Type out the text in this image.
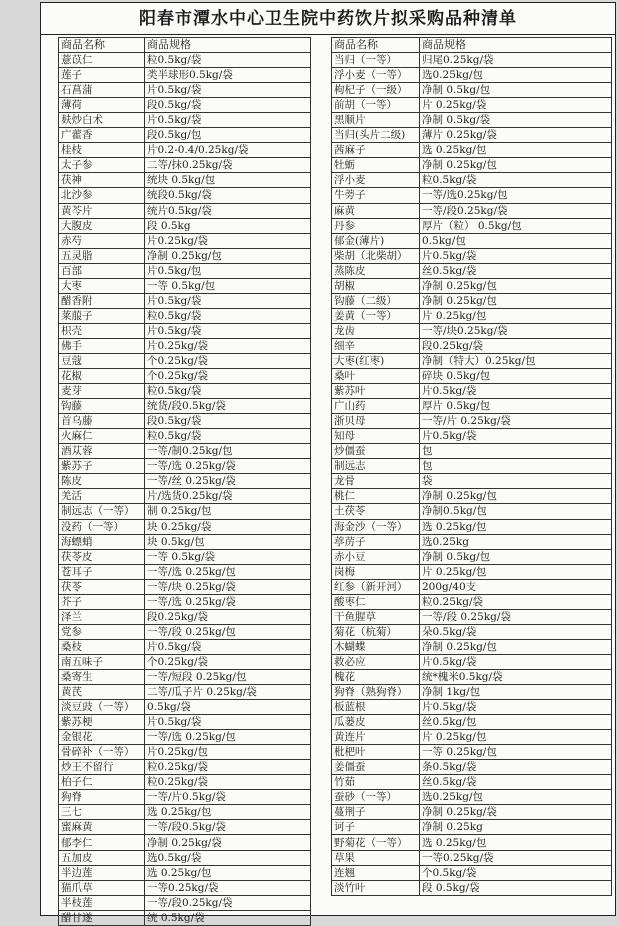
阳春市潭水中心卫生院中药饮片拟采购品种清单
商品名称	商品规格
薏苡仁	粒0.5kg/袋
莲子	类半球形0.5kg/袋
石菖蒲	片0.5kg/袋
薄荷	段0.5kg/袋
麸炒白术	片0.5kg/袋
广藿香	段0.5kg/包
桂枝	片0.2-0.4/0.25kg/袋
太子参	二等/抹0.25kg/袋
茯神	统块 0.5kg/包
北沙参	统段0.5kg/袋
黄芩片	统片0.5kg/袋
大腹皮	段 0.5kg
赤芍	片0.25kg/袋
五灵脂	净制 0.25kg/包
百部	片0.5kg/包
大枣	一等 0.5kg/包
醋香附	片0.5kg/袋
莱菔子	粒0.5kg/袋
枳壳	片0.5kg/袋
佛手	片0.25kg/袋
豆蔻	个0.25kg/袋
花椒	个0.25kg/袋
麦芽	粒0.5kg/袋
钩藤	统货/段0.5kg/袋
首乌藤	段0.5kg/袋
火麻仁	粒0.5kg/袋
酒苁蓉	一等/制0.25kg/包
紫苏子	一等/选 0.25kg/袋
陈皮	一等/丝 0.25kg/袋
羌活	片/选货0.25kg/袋
制远志（一等）	制 0.25kg/包
没药（一等）	块 0.25kg/袋
海螵蛸	块 0.5kg/包
茯苓皮	一等 0.5kg/袋
苍耳子	一等/选 0.25kg/包
茯苓	一等/块 0.25kg/袋
芥子	一等/选 0.25kg/袋
泽兰	段0.25kg/袋
党参	一等/段 0.25kg/包
桑枝	片0.5kg/袋
南五味子	个0.25kg/袋
桑寄生	一等/短段 0.25kg/包
黄芪	二等/瓜子片 0.25kg/袋
淡豆豉（一等）	0.5kg/袋
紫苏梗	片0.5kg/袋
金银花	一等/选 0.25kg/包
骨碎补（一等）	片0.25kg/包
炒王不留行	粒0.25kg/袋
柏子仁	粒0.25kg/袋
狗脊	一等/片0.5kg/袋
三七	选 0.25kg/包
蜜麻黄	一等/段0.5kg/袋
郁李仁	净制 0.25kg/袋
五加皮	选0.5kg/袋
半边莲	选 0.25kg/包
猫爪草	一等0.25kg/袋
半枝莲	一等/段0.25kg/袋
醋甘遂	统 0.5kg/袋
商品名称	商品规格
当归（一等）	归尾0.25kg/袋
浮小麦（一等）	选0.25kg/包
枸杞子（一级）	净制 0.5kg/包
前胡（一等）	片 0.25kg/袋
黑顺片	净制 0.5kg/袋
当归(头片二级)	薄片 0.25kg/袋
茜麻子	选 0.25kg/包
牡蛎	净制 0.25kg/包
浮小麦	粒0.5kg/袋
牛蒡子	一等/选0.25kg/包
麻黄	一等/段0.25kg/袋
丹参	厚片（粒） 0.5kg/包
郁金(薄片)	0.5kg/包
柴胡（北柴胡）	片0.5kg/袋
蒸陈皮	丝0.5kg/袋
胡椒	净制 0.25kg/包
钩藤（二级）	净制 0.25kg/包
姜黄（一等）	片 0.25kg/包
龙齿	一等/块0.25kg/袋
细辛	段0.25kg/袋
大枣(红枣)	净制（特大）0.25kg/包
桑叶	碎块 0.5kg/包
紫苏叶	片0.5kg/袋
广山药	厚片 0.5kg/包
浙贝母	一等/片 0.25kg/袋
知母	片0.5kg/袋
炒僵蚕	包
制远志	包
龙骨	袋
桃仁	净制 0.25kg/包
土茯苓	净制0.5kg/包
海金沙（一等）	选 0.25kg/包
葶苈子	选0.25kg
赤小豆	净制 0.5kg/包
岗梅	片 0.25kg/包
红参（新开河）	200g/40支
酸枣仁	粒0.25kg/袋
干鱼腥草	一等/段 0.25kg/袋
菊花（杭菊）	朵0.5kg/袋
木蝴蝶	净制 0.25kg/包
救必应	片0.5kg/袋
槐花	统*槐米0.5kg/袋
狗脊（熟狗脊）	净制 1kg/包
板蓝根	片0.5kg/袋
瓜蒌皮	丝0.5kg/包
黄连片	片 0.25kg/包
枇杷叶	一等 0.25kg/包
姜僵蚕	条0.5kg/袋
竹茹	丝0.5kg/袋
蚕砂（一等）	选0.25kg/包
蔓荆子	净制 0.25kg/袋
诃子	净制 0.25kg
野菊花（一等）	选 0.25kg/包
草果	一等0.25kg/袋
连翘	个0.5kg/袋
淡竹叶	段 0.5kg/袋
